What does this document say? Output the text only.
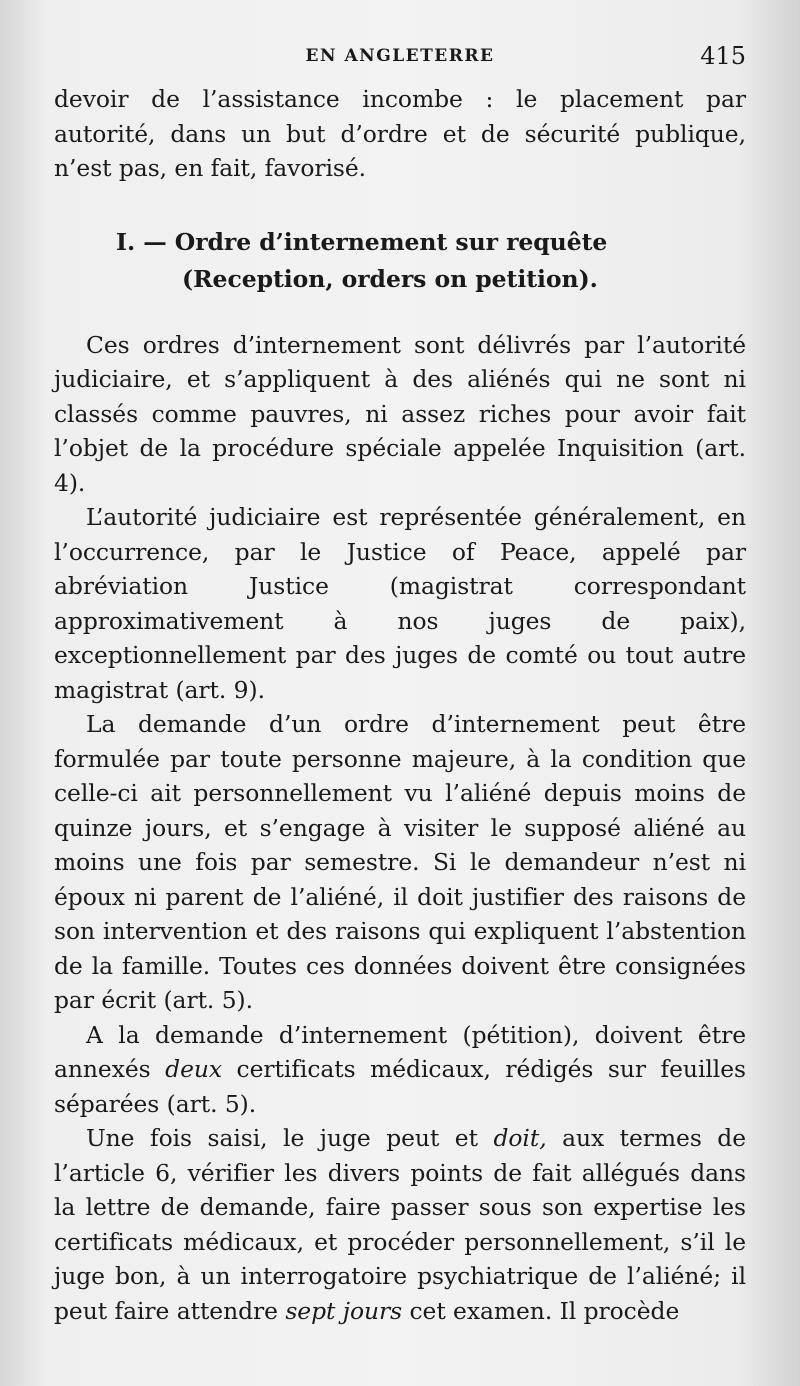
EN ANGLETERRE	415

devoir de l’assistance incombe : le placement par autorité, dans un but d’ordre et de sécurité publique, n’est pas, en fait, favorisé.

I. — Ordre d’internement sur requête
(Reception, orders on petition).

Ces ordres d’internement sont délivrés par l’autorité judiciaire, et s’appliquent à des aliénés qui ne sont ni classés comme pauvres, ni assez riches pour avoir fait l’objet de la procédure spéciale appelée Inquisition (art. 4).

L’autorité judiciaire est représentée généralement, en l’occurrence, par le Justice of Peace, appelé par abréviation Justice (magistrat correspondant approximativement à nos juges de paix), exceptionnellement par des juges de comté ou tout autre magistrat (art. 9).

La demande d’un ordre d’internement peut être formulée par toute personne majeure, à la condition que celle-ci ait personnellement vu l’aliéné depuis moins de quinze jours, et s’engage à visiter le supposé aliéné au moins une fois par semestre. Si le demandeur n’est ni époux ni parent de l’aliéné, il doit justifier des raisons de son intervention et des raisons qui expliquent l’abstention de la famille. Toutes ces données doivent être consignées par écrit (art. 5).

A la demande d’internement (pétition), doivent être annexés deux certificats médicaux, rédigés sur feuilles séparées (art. 5).

Une fois saisi, le juge peut et doit, aux termes de l’article 6, vérifier les divers points de fait allégués dans la lettre de demande, faire passer sous son expertise les certificats médicaux, et procéder personnellement, s’il le juge bon, à un interrogatoire psychiatrique de l’aliéné; il peut faire attendre sept jours cet examen. Il procède
